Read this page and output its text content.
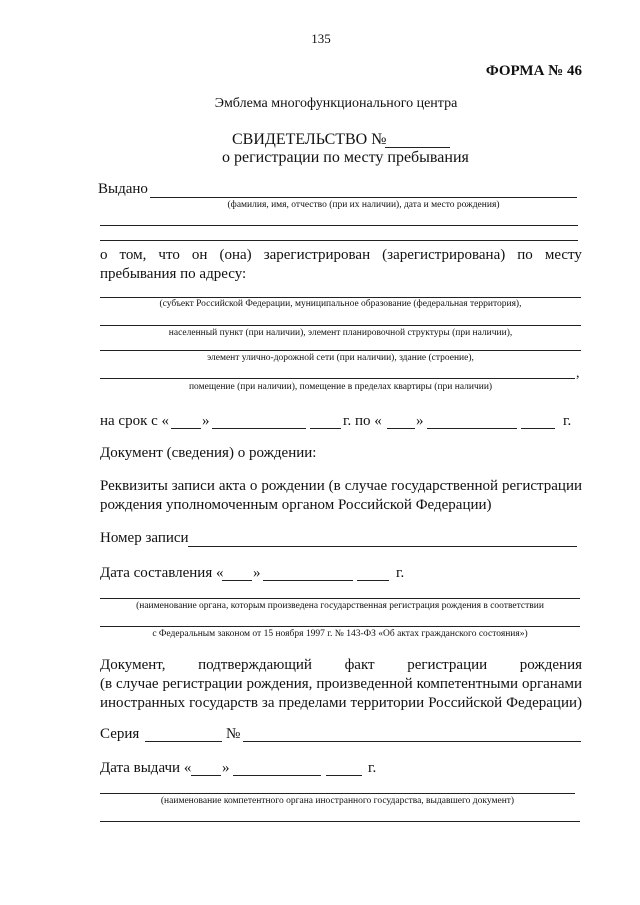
135
ФОРМА № 46
Эмблема многофункционального центра
СВИДЕТЕЛЬСТВО №
о регистрации по месту пребывания
Выдано
(фамилия, имя, отчество (при их наличии), дата и место рождения)
о том, что он (она) зарегистрирован (зарегистрирована) по месту
пребывания по адресу:
(субъект Российской Федерации, муниципальное образование (федеральная территория),
населенный пункт (при наличии), элемент планировочной структуры (при наличии),
элемент улично-дорожной сети (при наличии), здание (строение),
,
помещение (при наличии), помещение в пределах квартиры (при наличии)
на срок с « »	г. по « »	г.
Документ (сведения) о рождении:
Реквизиты записи акта о рождении (в случае государственной регистрации
рождения уполномоченным органом Российской Федерации)
Номер записи
Дата составления « »	г.
(наименование органа, которым произведена государственная регистрация рождения в соответствии
с Федеральным законом от 15 ноября 1997 г. № 143-ФЗ «Об актах гражданского состояния»)
Документ, подтверждающий факт регистрации рождения
(в случае регистрации рождения, произведенной компетентными органами
иностранных государств за пределами территории Российской Федерации)
Серия	№
Дата выдачи « »	г.
(наименование компетентного органа иностранного государства, выдавшего документ)
